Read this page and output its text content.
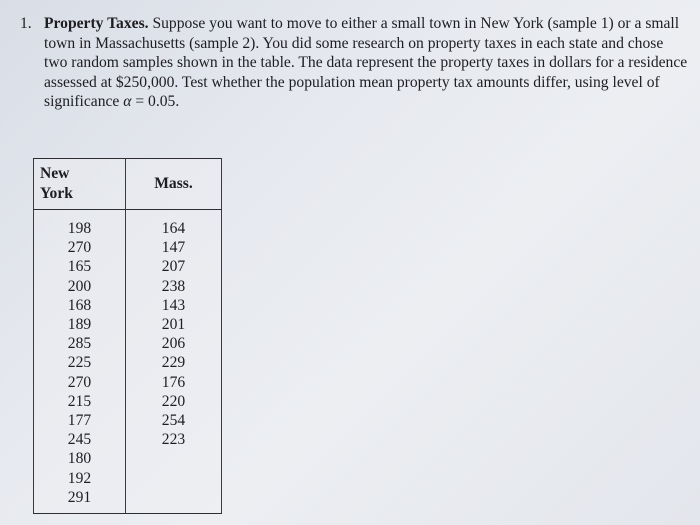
1. Property Taxes. Suppose you want to move to either a small town in New York (sample 1) or a small town in Massachusetts (sample 2). You did some research on property taxes in each state and chose two random samples shown in the table. The data represent the property taxes in dollars for a residence assessed at $250,000. Test whether the population mean property tax amounts differ, using level of significance α = 0.05.
New
York	Mass.
198	164
270	147
165	207
200	238
168	143
189	201
285	206
225	229
270	176
215	220
177	254
245	223
180	
192	
291	
